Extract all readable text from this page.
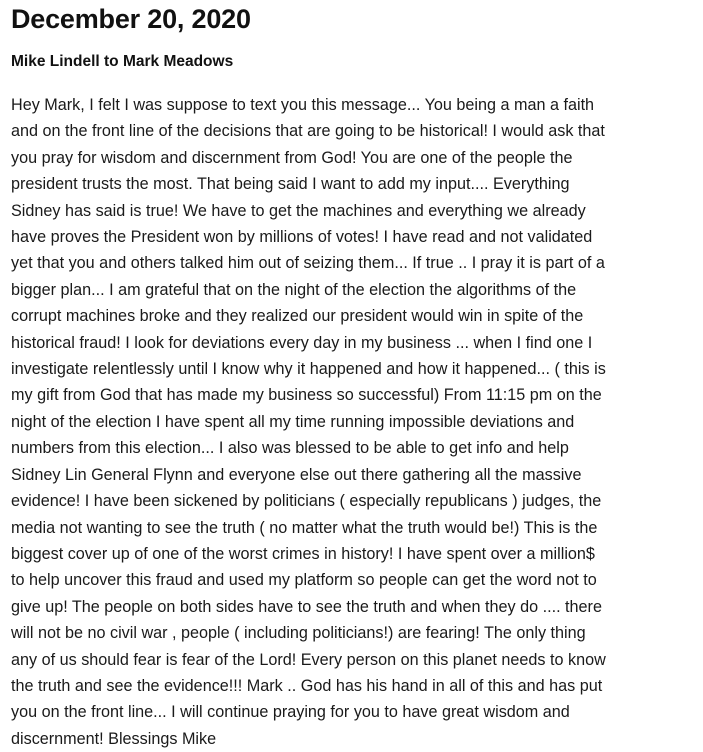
December 20, 2020
Mike Lindell to Mark Meadows
Hey Mark, I felt I was suppose to text you this message... You being a man a faith
and on the front line of the decisions that are going to be historical! I would ask that
you pray for wisdom and discernment from God! You are one of the people the
president trusts the most. That being said I want to add my input.... Everything
Sidney has said is true! We have to get the machines and everything we already
have proves the President won by millions of votes! I have read and not validated
yet that you and others talked him out of seizing them... If true .. I pray it is part of a
bigger plan... I am grateful that on the night of the election the algorithms of the
corrupt machines broke and they realized our president would win in spite of the
historical fraud! I look for deviations every day in my business ... when I find one I
investigate relentlessly until I know why it happened and how it happened... ( this is
my gift from God that has made my business so successful) From 11:15 pm on the
night of the election I have spent all my time running impossible deviations and
numbers from this election... I also was blessed to be able to get info and help
Sidney Lin General Flynn and everyone else out there gathering all the massive
evidence! I have been sickened by politicians ( especially republicans ) judges, the
media not wanting to see the truth ( no matter what the truth would be!) This is the
biggest cover up of one of the worst crimes in history! I have spent over a million$
to help uncover this fraud and used my platform so people can get the word not to
give up! The people on both sides have to see the truth and when they do .... there
will not be no civil war , people ( including politicians!) are fearing! The only thing
any of us should fear is fear of the Lord! Every person on this planet needs to know
the truth and see the evidence!!! Mark .. God has his hand in all of this and has put
you on the front line... I will continue praying for you to have great wisdom and
discernment! Blessings Mike
